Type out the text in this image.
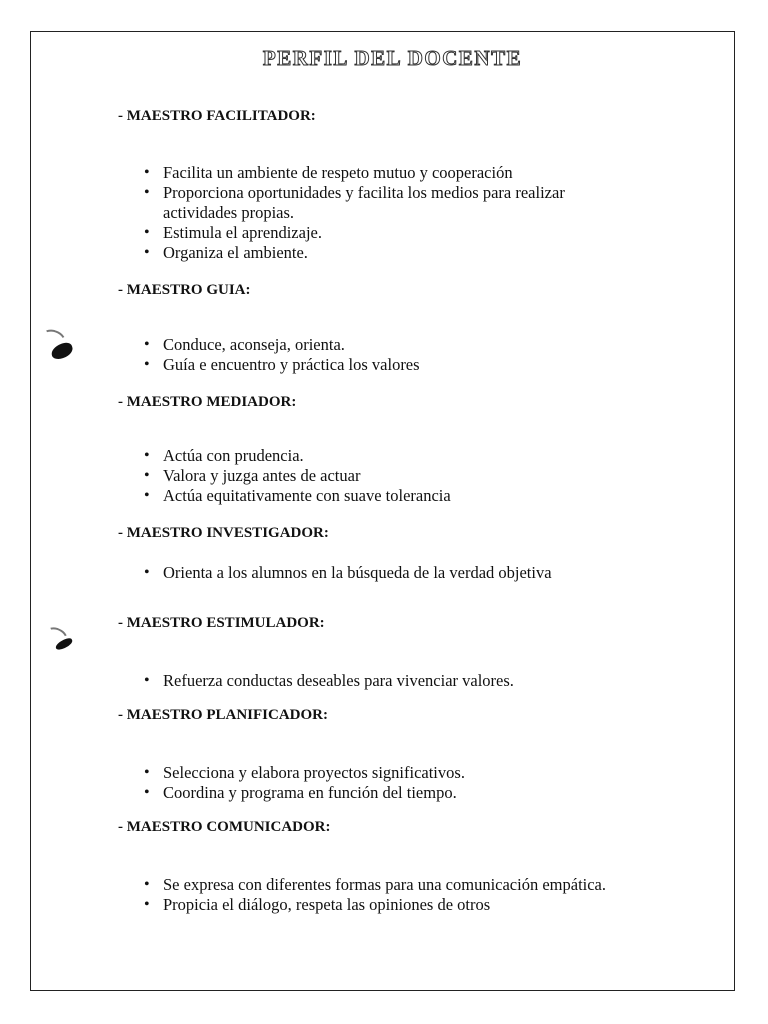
PERFIL DEL DOCENTE
- MAESTRO FACILITADOR:
• Facilita un ambiente de respeto mutuo y cooperación
• Proporciona oportunidades y facilita los medios para realizar actividades propias.
• Estimula el aprendizaje.
• Organiza el ambiente.
- MAESTRO GUIA:
• Conduce, aconseja, orienta.
• Guía e encuentro y práctica los valores
- MAESTRO MEDIADOR:
• Actúa con prudencia.
• Valora y juzga antes de actuar
• Actúa equitativamente con suave tolerancia
- MAESTRO INVESTIGADOR:
• Orienta a los alumnos en la búsqueda de la verdad objetiva
- MAESTRO ESTIMULADOR:
• Refuerza conductas deseables para vivenciar valores.
- MAESTRO PLANIFICADOR:
• Selecciona y elabora proyectos significativos.
• Coordina y programa en función del tiempo.
- MAESTRO COMUNICADOR:
• Se expresa con diferentes formas para una comunicación empática.
• Propicia el diálogo, respeta las opiniones de otros
